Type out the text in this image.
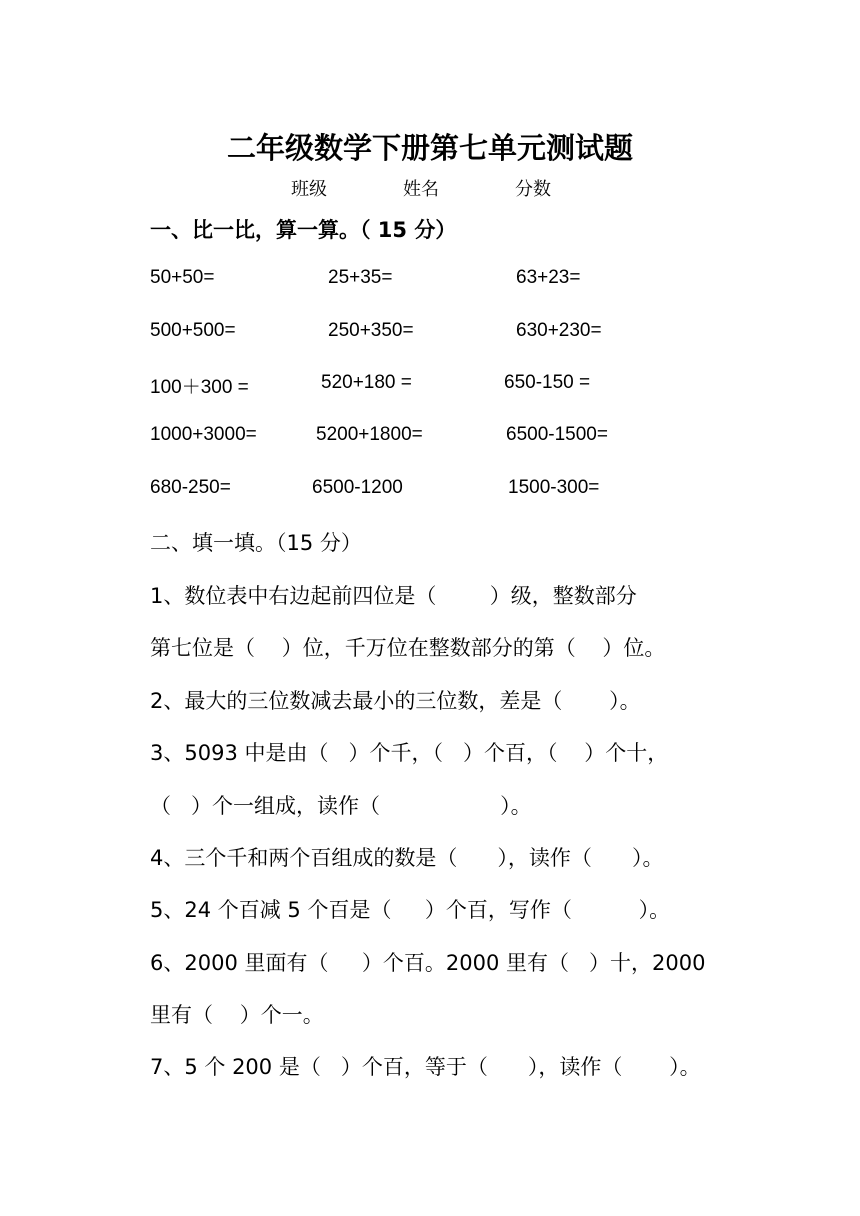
二年级数学下册第七单元测试题
班级	姓名	分数
一、比一比，算一算。（ 15 分）
50+50=	25+35=	63+23=
500+500=	250+350=	630+230=
100＋300 =	520+180 =	650-150 =
1000+3000=	5200+1800=	6500-1500=
680-250=	6500-1200	1500-300=
二、填一填。（15 分）
1、数位表中右边起前四位是（        ）级，整数部分
第七位是（    ）位，千万位在整数部分的第（    ）位。
2、最大的三位数减去最小的三位数，差是（       ）。
3、5093 中是由（   ）个千，（   ）个百，（    ）个十，
（   ）个一组成，读作（                  ）。
4、三个千和两个百组成的数是（      ），读作（      ）。
5、24 个百减 5 个百是（     ）个百，写作（          ）。
6、2000 里面有（     ）个百。2000 里有（   ）十，2000
里有（    ）个一。
7、5 个 200 是（   ）个百，等于（      ），读作（       ）。
